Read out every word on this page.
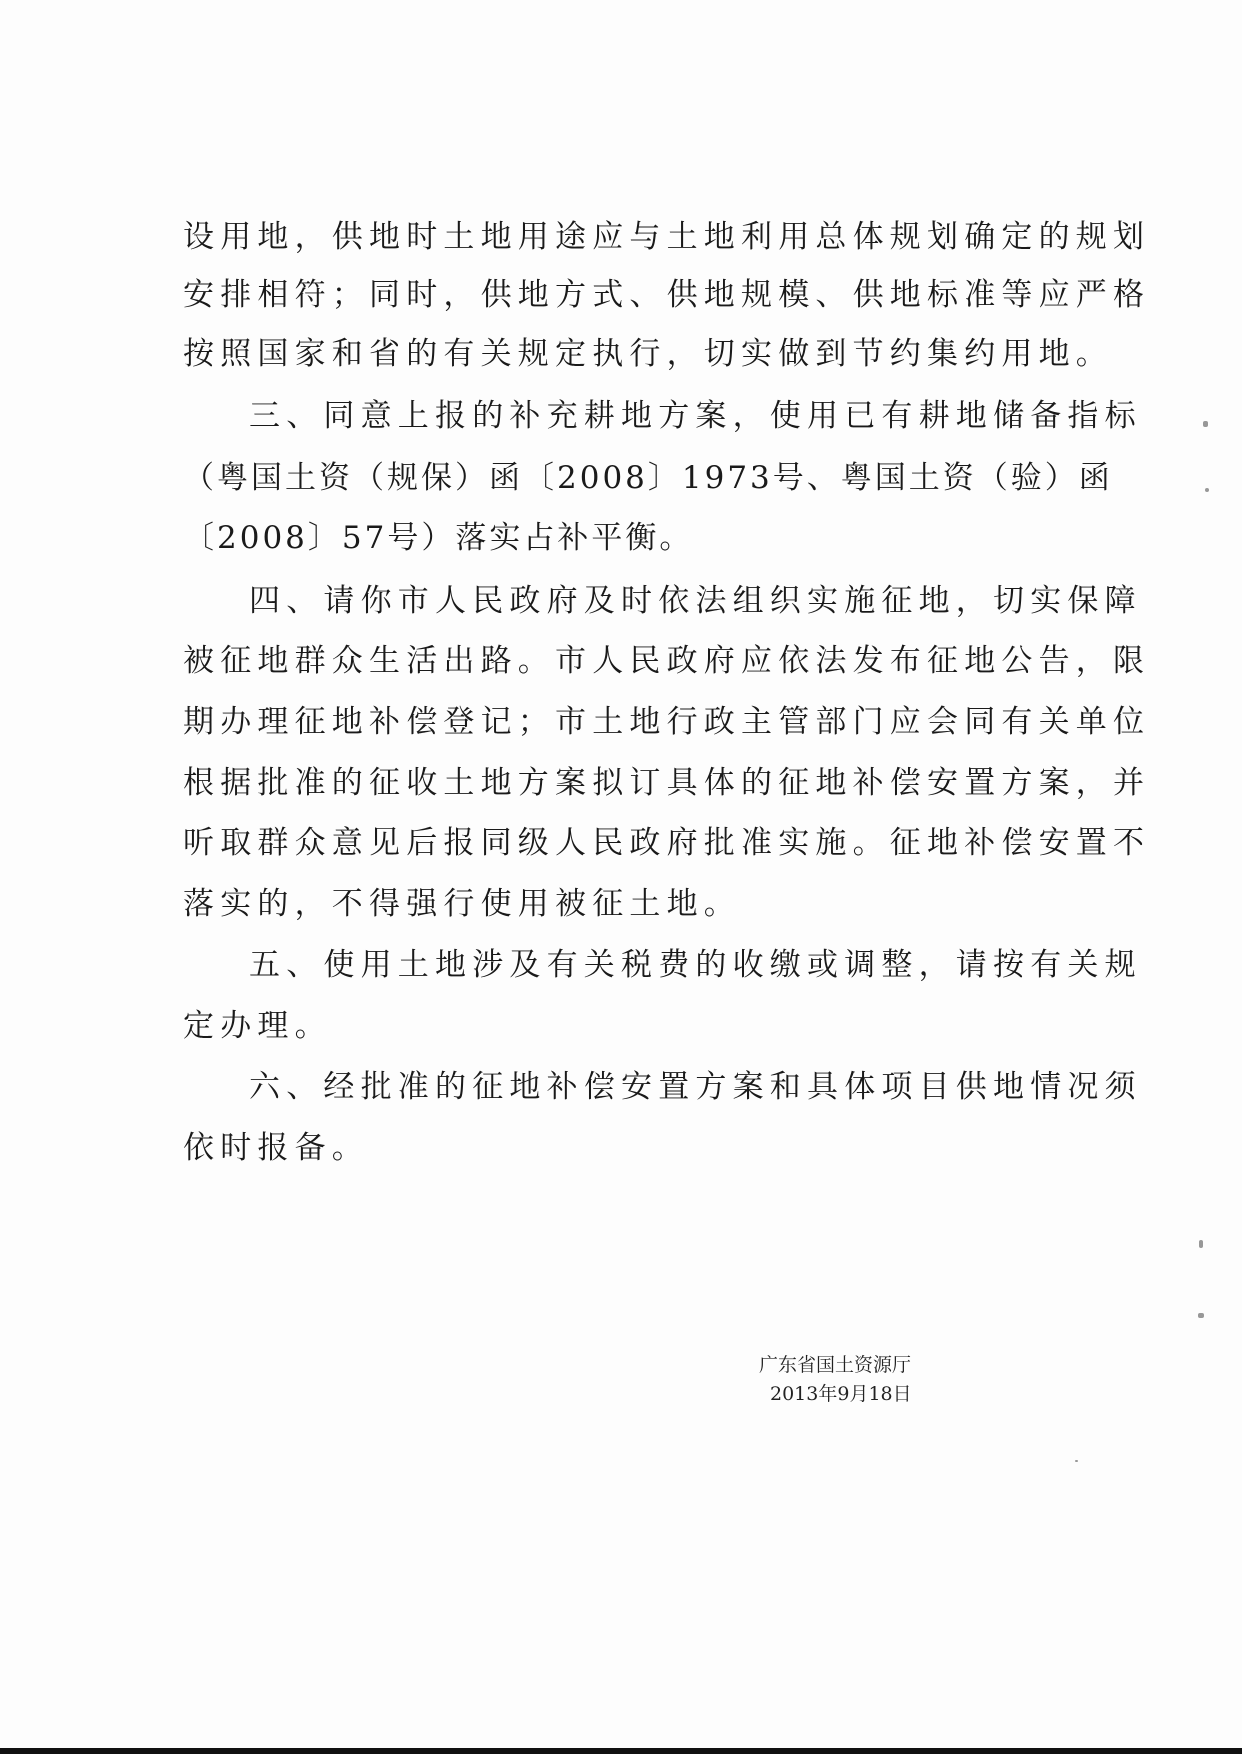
设用地，供地时土地用途应与土地利用总体规划确定的规划
安排相符；同时，供地方式、供地规模、供地标准等应严格
按照国家和省的有关规定执行，切实做到节约集约用地。
三、同意上报的补充耕地方案，使用已有耕地储备指标
（粤国土资（规保）函〔2008〕1973号、粤国土资（验）函
〔2008〕57号）落实占补平衡。
四、请你市人民政府及时依法组织实施征地，切实保障
被征地群众生活出路。市人民政府应依法发布征地公告，限
期办理征地补偿登记；市土地行政主管部门应会同有关单位
根据批准的征收土地方案拟订具体的征地补偿安置方案，并
听取群众意见后报同级人民政府批准实施。征地补偿安置不
落实的，不得强行使用被征土地。
五、使用土地涉及有关税费的收缴或调整，请按有关规
定办理。
六、经批准的征地补偿安置方案和具体项目供地情况须
依时报备。
广东省国土资源厅
2013年9月18日
